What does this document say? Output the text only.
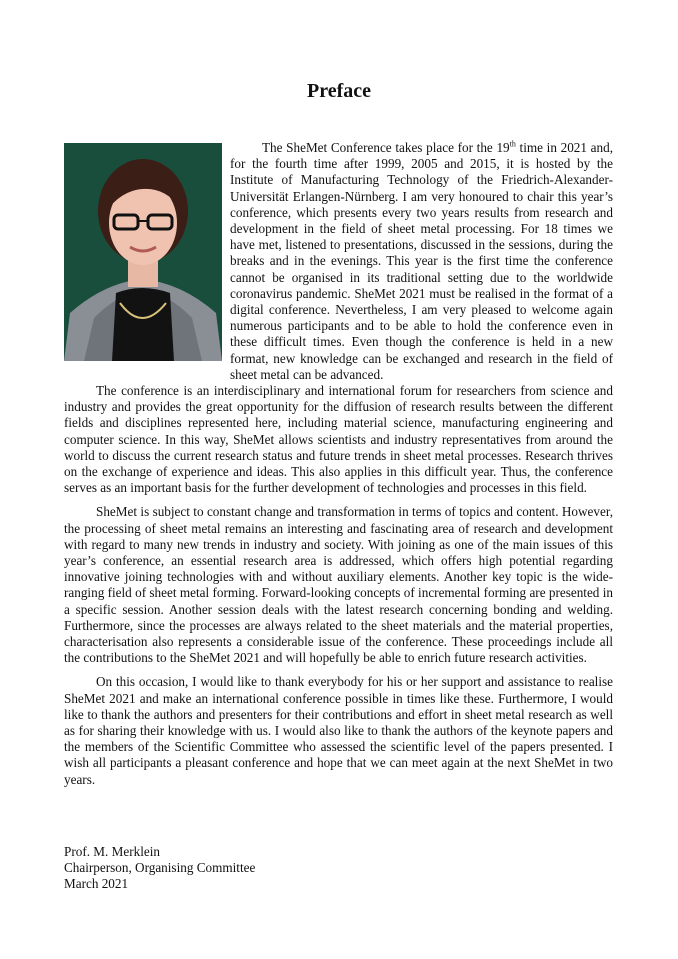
Preface
The SheMet Conference takes place for the 19th time in 2021 and, for the fourth time after 1999, 2005 and 2015, it is hosted by the Institute of Manufacturing Technology of the Friedrich-Alexander-Universität Erlangen-Nürnberg. I am very honoured to chair this year’s conference, which presents every two years results from research and development in the field of sheet metal processing. For 18 times we have met, listened to presentations, discussed in the sessions, during the breaks and in the evenings. This year is the first time the conference cannot be organised in its traditional setting due to the worldwide coronavirus pandemic. SheMet 2021 must be realised in the format of a digital conference. Nevertheless, I am very pleased to welcome again numerous participants and to be able to hold the conference even in these difficult times. Even though the conference is held in a new format, new knowledge can be exchanged and research in the field of sheet metal can be advanced.

The conference is an interdisciplinary and international forum for researchers from science and industry and provides the great opportunity for the diffusion of research results between the different fields and disciplines represented here, including material science, manufacturing engineering and computer science. In this way, SheMet allows scientists and industry representatives from around the world to discuss the current research status and future trends in sheet metal processes. Research thrives on the exchange of experience and ideas. This also applies in this difficult year. Thus, the conference serves as an important basis for the further development of technologies and processes in this field.

SheMet is subject to constant change and transformation in terms of topics and content. However, the processing of sheet metal remains an interesting and fascinating area of research and development with regard to many new trends in industry and society. With joining as one of the main issues of this year’s conference, an essential research area is addressed, which offers high potential regarding innovative joining technologies with and without auxiliary elements. Another key topic is the wide-ranging field of sheet metal forming. Forward-looking concepts of incremental forming are presented in a specific session. Another session deals with the latest research concerning bonding and welding. Furthermore, since the processes are always related to the sheet materials and the material properties, characterisation also represents a considerable issue of the conference. These proceedings include all the contributions to the SheMet 2021 and will hopefully be able to enrich future research activities.

On this occasion, I would like to thank everybody for his or her support and assistance to realise SheMet 2021 and make an international conference possible in times like these. Furthermore, I would like to thank the authors and presenters for their contributions and effort in sheet metal research as well as for sharing their knowledge with us. I would also like to thank the authors of the keynote papers and the members of the Scientific Committee who assessed the scientific level of the papers presented. I wish all participants a pleasant conference and hope that we can meet again at the next SheMet in two years.

Prof. M. Merklein
Chairperson, Organising Committee
March 2021
